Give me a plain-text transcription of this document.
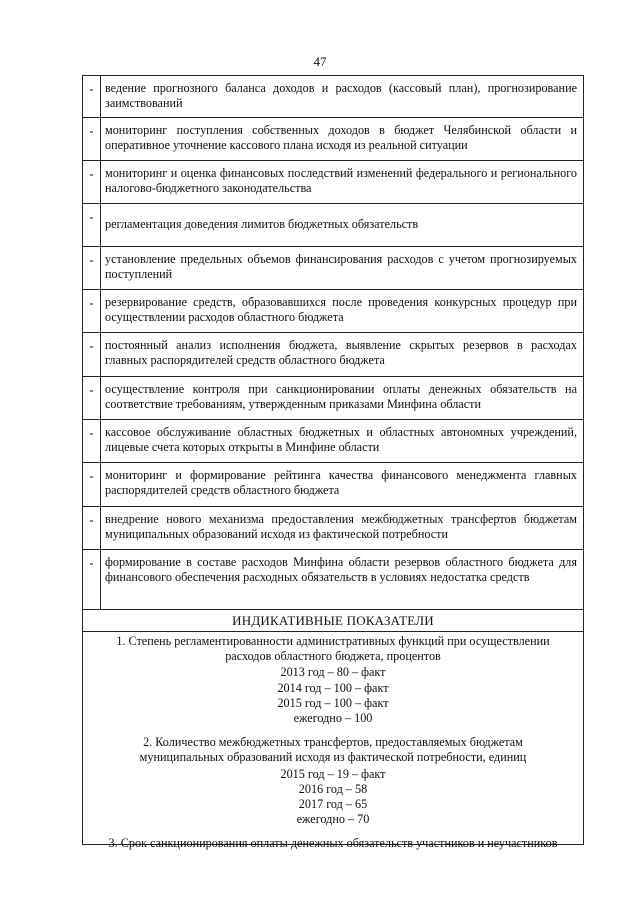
47
- ведение прогнозного баланса доходов и расходов (кассовый план), прогнозирование заимствований
- мониторинг поступления собственных доходов в бюджет Челябинской области и оперативное уточнение кассового плана исходя из реальной ситуации
- мониторинг и оценка финансовых последствий изменений федерального и регионального налогово-бюджетного законодательства
- регламентация доведения лимитов бюджетных обязательств
- установление предельных объемов финансирования расходов с учетом прогнозируемых поступлений
- резервирование средств, образовавшихся после проведения конкурсных процедур при осуществлении расходов областного бюджета
- постоянный анализ исполнения бюджета, выявление скрытых резервов в расходах главных распорядителей средств областного бюджета
- осуществление контроля при санкционировании оплаты денежных обязательств на соответствие требованиям, утвержденным приказами Минфина области
- кассовое обслуживание областных бюджетных и областных автономных учреждений, лицевые счета которых открыты в Минфине области
- мониторинг и формирование рейтинга качества финансового менеджмента главных распорядителей средств областного бюджета
- внедрение нового механизма предоставления межбюджетных трансфертов бюджетам муниципальных образований исходя из фактической потребности
- формирование в составе расходов Минфина области резервов областного бюджета для финансового обеспечения расходных обязательств в условиях недостатка средств
ИНДИКАТИВНЫЕ ПОКАЗАТЕЛИ
1. Степень регламентированности административных функций при осуществлении
расходов областного бюджета, процентов
2013 год – 80 – факт
2014 год – 100 – факт
2015 год – 100 – факт
ежегодно – 100
2. Количество межбюджетных трансфертов, предоставляемых бюджетам
муниципальных образований исходя из фактической потребности, единиц
2015 год – 19 – факт
2016 год – 58
2017 год – 65
ежегодно – 70
3. Срок санкционирования оплаты денежных обязательств участников и неучастников
